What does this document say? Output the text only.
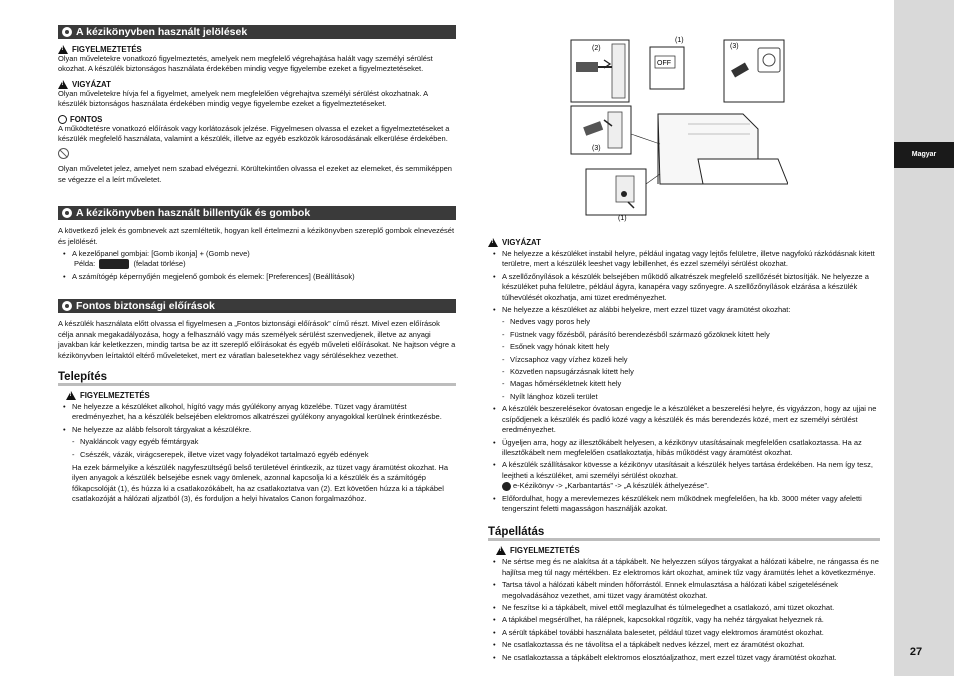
A kézikönyvben használt jelölések
!
FIGYELMEZTETÉS

Olyan műveletekre vonatkozó figyelmeztetés, amelyek nem megfelelő végrehajtása halált vagy személyi sérülést okozhat. A készülék biztonságos használata érdekében mindig vegye figyelembe ezeket a figyelmeztetéseket.

!
VIGYÁZAT

Olyan műveletekre hívja fel a figyelmet, amelyek nem megfelelően végrehajtva személyi sérülést okozhatnak. A készülék biztonságos használata érdekében mindig vegye figyelembe ezeket a figyelmeztetéseket.

FONTOS

A működtetésre vonatkozó előírások vagy korlátozások jelzése. Figyelmesen olvassa el ezeket a figyelmeztetéseket a készülék megfelelő használata, valamint a készülék, illetve az egyéb eszközök károsodásának elkerülése érdekében.

Olyan műveletet jelez, amelyet nem szabad elvégezni. Körültekintően olvassa el ezeket az elemeket, és semmiképpen se végezze el a leírt műveletet.

A kézikönyvben használt billentyűk és gombok

A következő jelek és gombnevek azt szemléltetik, hogyan kell értelmezni a kézikönyvben szereplő gombok elnevezését és jelölését.

• A kezelőpanel gombjai: [Gomb ikonja] + (Gomb neve)
Példa:	(feladat törlése)
• A számítógép képernyőjén megjelenő gombok és elemek: [Preferences] (Beállítások)
Fontos biztonsági előírások

A készülék használata előtt olvassa el figyelmesen a „Fontos biztonsági előírások” című részt. Mivel ezen előírások célja annak megakadályozása, hogy a felhasználó vagy más személyek sérülést szenvedjenek, illetve az anyagi javakban kár keletkezzen, mindig tartsa be az itt szereplő előírásokat és egyéb műveleti előírásokat. Ne hajtson végre a kézikönyvben leírtaktól eltérő műveleteket, mert ez váratlan balesetekhez vagy sérülésekhez vezethet.

Telepítés
!
FIGYELMEZTETÉS
• Ne helyezze a készüléket alkohol, hígító vagy más gyúlékony anyag közelébe. Tüzet vagy áramütést eredményezhet, ha a készülék belsejében elektromos alkatrészei gyúlékony anyagokkal kerülnek érintkezésbe.
• Ne helyezze az alább felsorolt tárgyakat a készülékre.
- Nyakláncok vagy egyéb fémtárgyak
- Csészék, vázák, virágcserepek, illetve vizet vagy folyadékot tartalmazó egyéb edények
Ha ezek bármelyike a készülék nagyfeszültségű belső területével érintkezik, az tüzet vagy áramütést okozhat. Ha ilyen anyagok a készülék belsejébe esnek vagy ömlenek, azonnal kapcsolja ki a készülék és a számítógép főkapcsolóját (1), és húzza ki a csatlakozókábelt, ha az csatlakoztatva van (2). Ezt követően húzza ki a tápkábel csatlakozóját a hálózati aljzatból (3), és forduljon a helyi hivatalos Canon forgalmazóhoz.
(2)
OFF
(1)
(3)
(3)
(1)
!
VIGYÁZAT
• Ne helyezze a készüléket instabil helyre, például ingatag vagy lejtős felületre, illetve nagyfokú rázkódásnak kitett területre, mert a készülék leeshet vagy lebillenhet, és ezzel személyi sérülést okozhat.
• A szellőzőnyílások a készülék belsejében működő alkatrészek megfelelő szellőzését biztosítják. Ne helyezze a készüléket puha felületre, például ágyra, kanapéra vagy szőnyegre. A szellőzőnyílások elzárása a készülék túlhevülését okozhatja, ami tüzet eredményezhet.
• Ne helyezze a készüléket az alábbi helyekre, mert ezzel tüzet vagy áramütést okozhat:
- Nedves vagy poros hely
- Füstnek vagy főzésből, párásító berendezésből származó gőzöknek kitett hely
- Esőnek vagy hónak kitett hely
- Vízcsaphoz vagy vízhez közeli hely
- Közvetlen napsugárzásnak kitett hely
- Magas hőmérsékletnek kitett hely
- Nyílt lánghoz közeli terület
• A készülék beszerelésekor óvatosan engedje le a készüléket a beszerelési helyre, és vigyázzon, hogy az ujjai ne csípődjenek a készülék és padló közé vagy a készülék és más berendezés közé, mert ez személyi sérülést eredményezhet.
• Ügyeljen arra, hogy az illesztőkábelt helyesen, a kézikönyv utasításainak megfelelően csatlakoztassa. Ha az illesztőkábelt nem megfelelően csatlakoztatja, hibás működést vagy áramütést okozhat.
• A készülék szállításakor kövesse a kézikönyv utasításait a készülék helyes tartása érdekében. Ha nem így tesz, leejtheti a készüléket, ami személyi sérülést okozhat.
e-Kézikönyv -> „Karbantartás” -> „A készülék áthelyezése”.
• Előfordulhat, hogy a merevlemezes készülékek nem működnek megfelelően, ha kb. 3000 méter vagy afeletti tengerszint feletti magasságon használják azokat.
Tápellátás
!
FIGYELMEZTETÉS
• Ne sértse meg és ne alakítsa át a tápkábelt. Ne helyezzen súlyos tárgyakat a hálózati kábelre, ne rángassa és ne hajlítsa meg túl nagy mértékben. Ez elektromos kárt okozhat, aminek tűz vagy áramütés lehet a következménye.
• Tartsa távol a hálózati kábelt minden hőforrástól. Ennek elmulasztása a hálózati kábel szigetelésének megolvadásához vezethet, ami tüzet vagy áramütést okozhat.
• Ne feszítse ki a tápkábelt, mivel ettől meglazulhat és túlmelegedhet a csatlakozó, ami tüzet okozhat.
• A tápkábel megsérülhet, ha rálépnek, kapcsokkal rögzítik, vagy ha nehéz tárgyakat helyeznek rá.
• A sérült tápkábel további használata balesetet, például tüzet vagy elektromos áramütést okozhat.
• Ne csatlakoztassa és ne távolítsa el a tápkábelt nedves kézzel, mert ez áramütést okozhat.
• Ne csatlakoztassa a tápkábelt elektromos elosztóaljzathoz, mert ezzel tüzet vagy áramütést okozhat.
Magyar
27
